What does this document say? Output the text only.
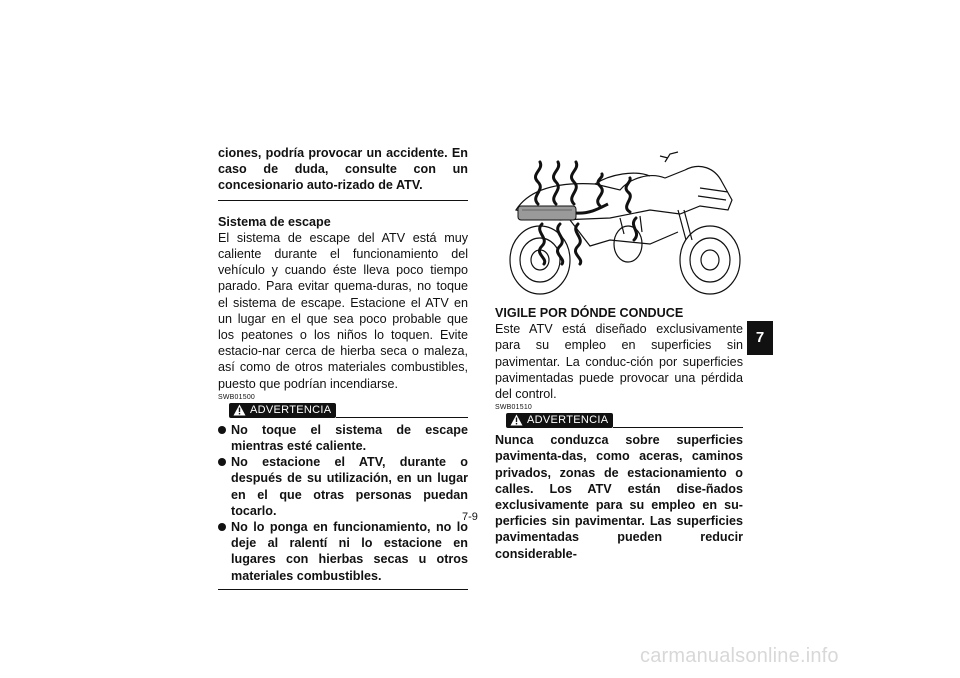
ciones, podría provocar un accidente. En caso de duda, consulte con un concesionario auto-rizado de ATV.

Sistema de escape

El sistema de escape del ATV está muy caliente durante el funcionamiento del vehículo y cuando éste lleva poco tiempo parado. Para evitar quema-duras, no toque el sistema de escape. Estacione el ATV en un lugar en el que sea poco probable que los peatones o los niños lo toquen. Evite estacio-nar cerca de hierba seca o maleza, así como de otros materiales combustibles, puesto que podrían incendiarse.

SWB01500
ADVERTENCIA
No toque el sistema de escape mientras esté caliente.
No estacione el ATV, durante o después de su utilización, en un lugar en el que otras personas puedan tocarlo.
No lo ponga en funcionamiento, no lo deje al ralentí ni lo estacione en lugares con hierbas secas u otros materiales combustibles.

VIGILE POR DÓNDE CONDUCE

Este ATV está diseñado exclusivamente para su empleo en superficies sin pavimentar. La conduc-ción por superficies pavimentadas puede provocar una pérdida del control.

SWB01510
ADVERTENCIA

Nunca conduzca sobre superficies pavimenta-das, como aceras, caminos privados, zonas de estacionamiento o calles. Los ATV están dise-ñados exclusivamente para su empleo en su-perficies sin pavimentar. Las superficies pavimentadas pueden reducir considerable-

7
7-9
carmanualsonline.info
